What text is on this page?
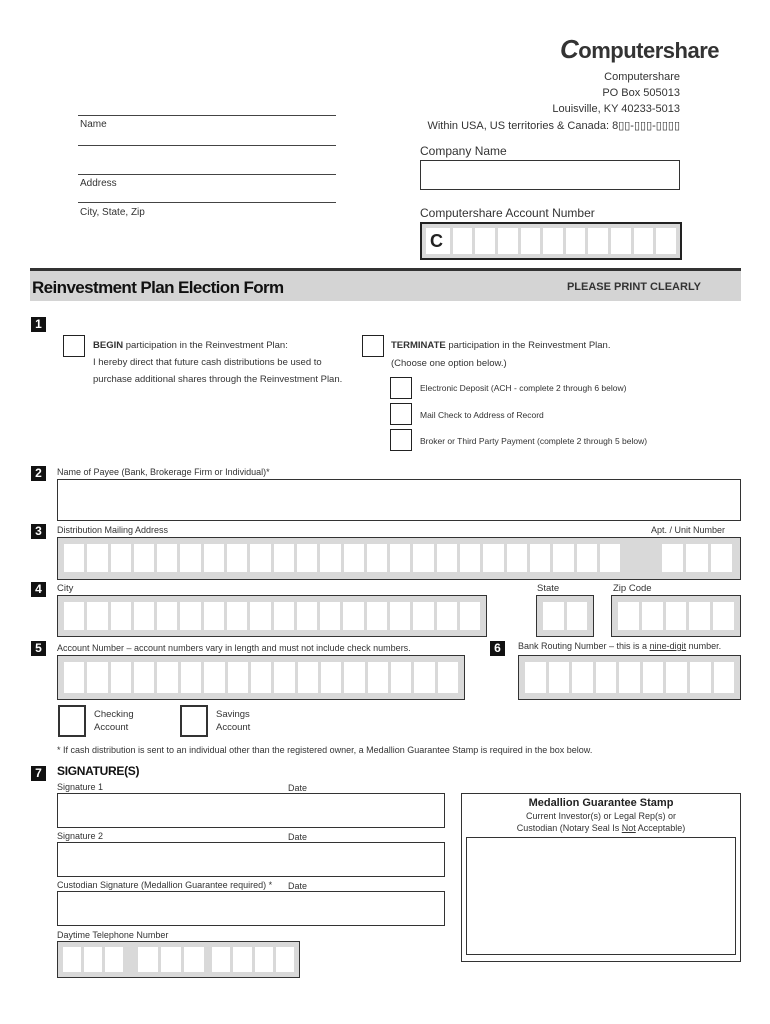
Computershare
Computershare
PO Box 505013
Louisville, KY 40233-5013
Within USA, US territories & Canada: 8▯▯-▯▯▯-▯▯▯▯
Name
Address
City, State, Zip
Company Name
Computershare Account Number
C
Reinvestment Plan Election Form	PLEASE PRINT CLEARLY
1
BEGIN participation in the Reinvestment Plan:
I hereby direct that future cash distributions be used to
purchase additional shares through the Reinvestment Plan.
TERMINATE participation in the Reinvestment Plan.
(Choose one option below.)
Electronic Deposit (ACH - complete 2 through 6 below)
Mail Check to Address of Record
Broker or Third Party Payment (complete 2 through 5 below)
2	Name of Payee (Bank, Brokerage Firm or Individual)*
3	Distribution Mailing Address	Apt. / Unit Number
4	City	State	Zip Code
5	Account Number – account numbers vary in length and must not include check numbers.	6	Bank Routing Number – this is a nine-digit number.
Checking
Account
Savings
Account
* If cash distribution is sent to an individual other than the registered owner, a Medallion Guarantee Stamp is required in the box below.
7	SIGNATURE(S)
Signature 1	Date
Signature 2	Date
Custodian Signature (Medallion Guarantee required) * Date
Daytime Telephone Number
Medallion Guarantee Stamp
Current Investor(s) or Legal Rep(s) or
Custodian (Notary Seal Is Not Acceptable)
